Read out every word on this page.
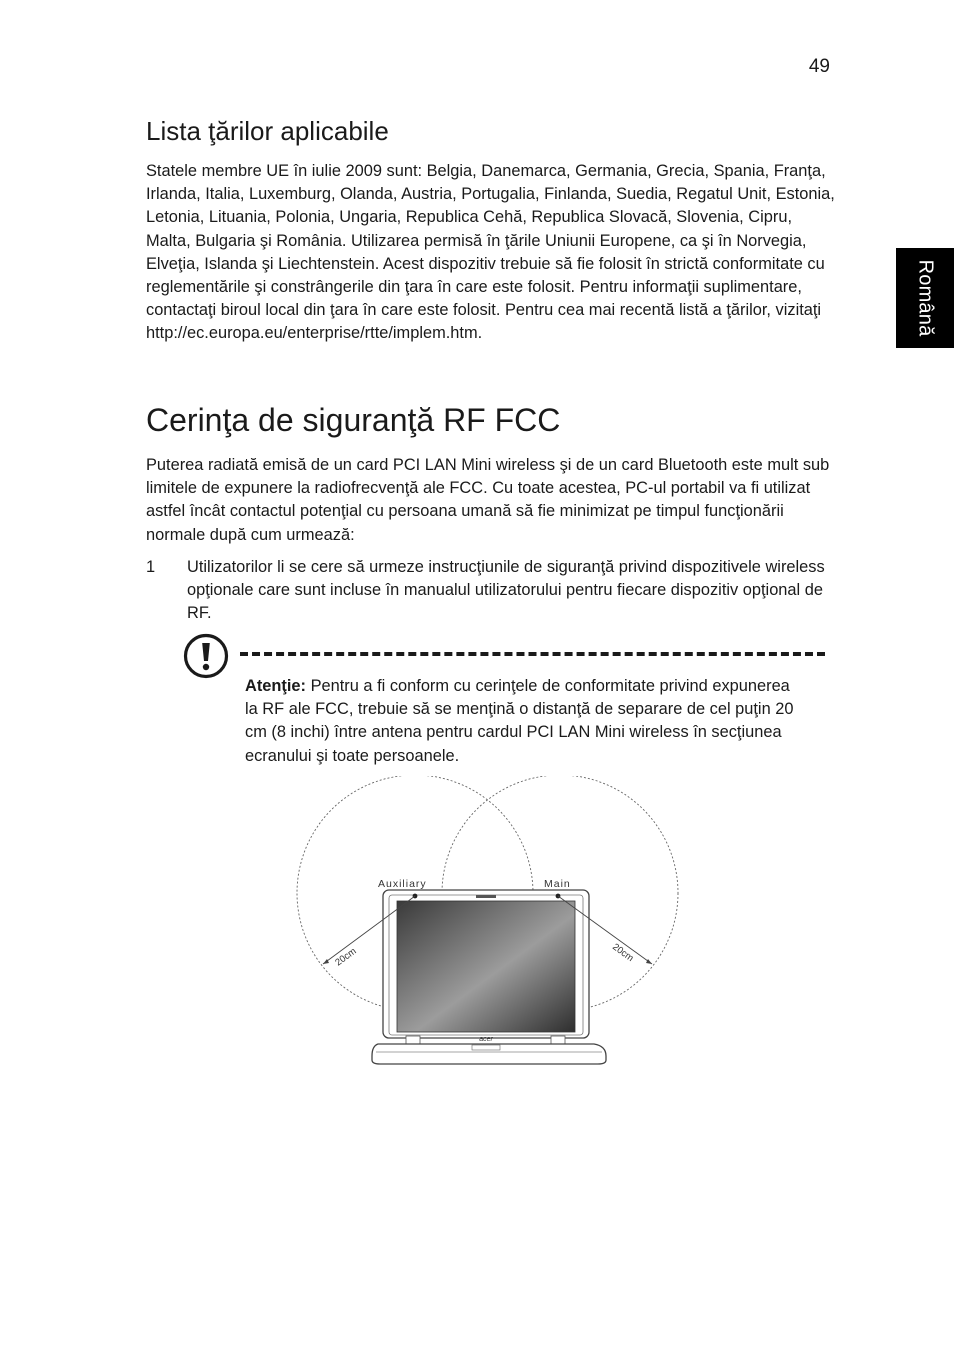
49
Română
Lista ţărilor aplicabile

Statele membre UE în iulie 2009 sunt: Belgia, Danemarca, Germania, Grecia, Spania, Franţa, Irlanda, Italia, Luxemburg, Olanda, Austria, Portugalia, Finlanda, Suedia, Regatul Unit, Estonia, Letonia, Lituania, Polonia, Ungaria, Republica Cehă, Republica Slovacă, Slovenia, Cipru, Malta, Bulgaria şi România. Utilizarea permisă în ţările Uniunii Europene, ca şi în Norvegia, Elveţia, Islanda şi Liechtenstein. Acest dispozitiv trebuie să fie folosit în strictă conformitate cu reglementările şi constrângerile din ţara în care este folosit. Pentru informaţii suplimentare, contactaţi biroul local din ţara în care este folosit. Pentru cea mai recentă listă a ţărilor, vizitaţi http://ec.europa.eu/enterprise/rtte/implem.htm.

Cerinţa de siguranţă RF FCC

Puterea radiată emisă de un card PCI LAN Mini wireless şi de un card Bluetooth este mult sub limitele de expunere la radiofrecvenţă ale FCC. Cu toate acestea, PC-ul portabil va fi utilizat astfel încât contactul potenţial cu persoana umană să fie minimizat pe timpul funcţionării normale după cum urmează:

1 Utilizatorilor li se cere să urmeze instrucţiunile de siguranţă privind dispozitivele wireless opţionale care sunt incluse în manualul utilizatorului pentru fiecare dispozitiv opţional de RF.

Atenţie: Pentru a fi conform cu cerinţele de conformitate privind expunerea la RF ale FCC, trebuie să se menţină o distanţă de separare de cel puţin 20 cm (8 inchi) între antena pentru cardul PCI LAN Mini wireless în secţiunea ecranului şi toate persoanele.

acer
Auxiliary	Main
20cm	20cm
